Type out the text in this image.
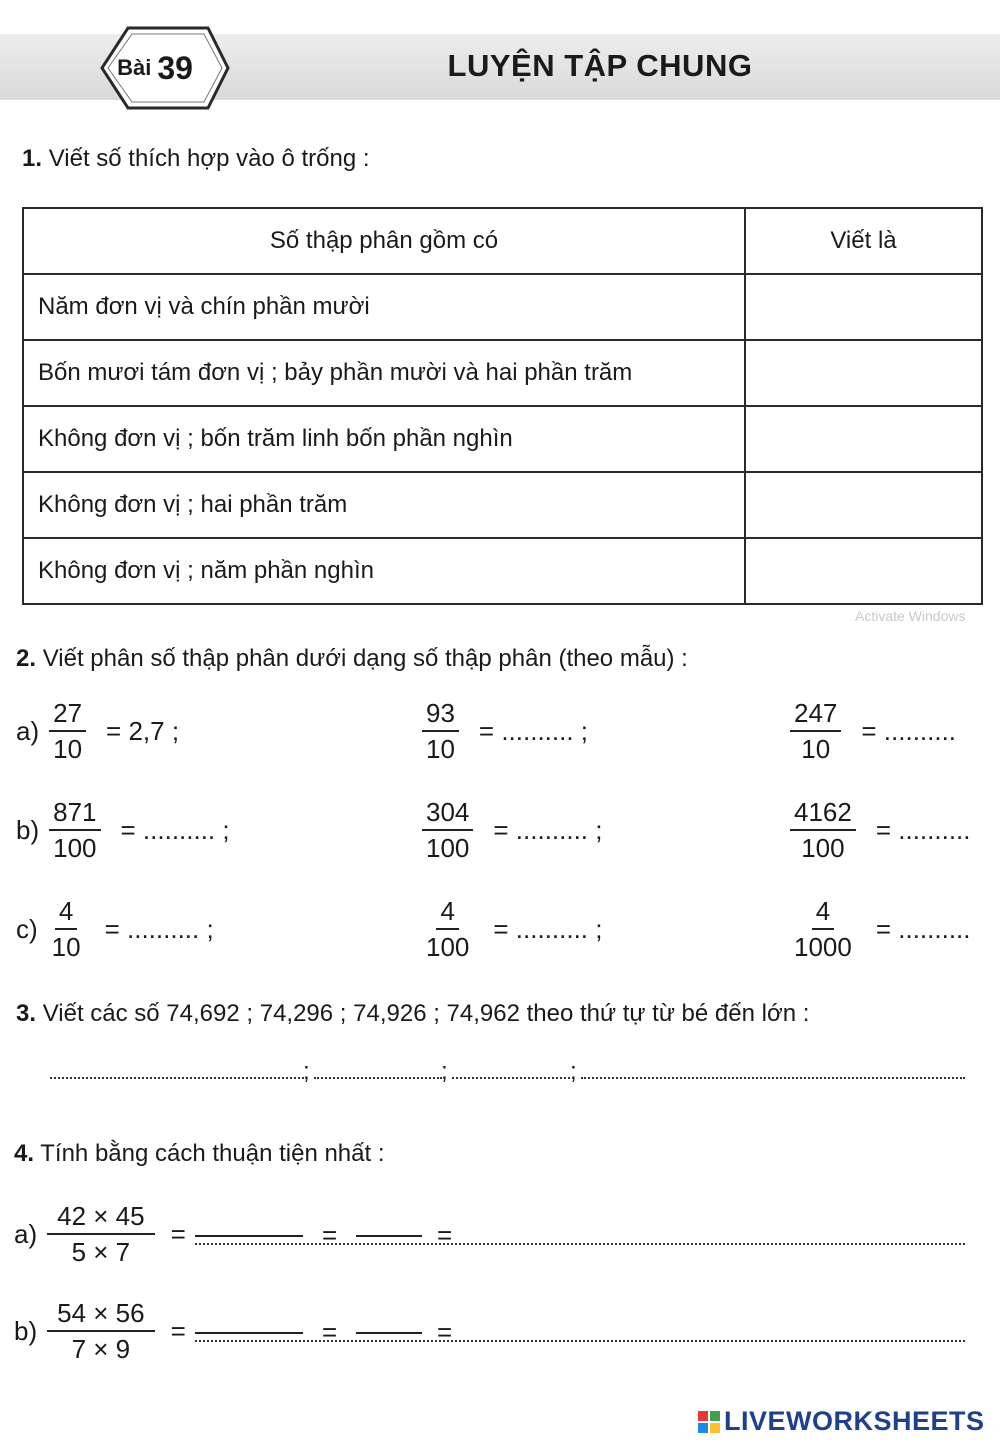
Bài 39	LUYỆN TẬP CHUNG
1. Viết số thích hợp vào ô trống :
Số thập phân gồm có	Viết là
Năm đơn vị và chín phần mười	
Bốn mươi tám đơn vị ; bảy phần mười và hai phần trăm	
Không đơn vị ; bốn trăm linh bốn phần nghìn	
Không đơn vị ; hai phần trăm	
Không đơn vị ; năm phần nghìn	
Activate Windows
2. Viết phân số thập phân dưới dạng số thập phân (theo mẫu) :
$a) \frac{27}{10} = 2,7$ ;	$\frac{93}{10}$ = .......... ;	$\frac{247}{10}$ = ..........
$b) \frac{871}{100}$ = .......... ;	$\frac{304}{100}$ = .......... ;	$\frac{4162}{100}$ = ..........
$c) \frac{4}{10}$ = .......... ;	$\frac{4}{100}$ = .......... ;	$\frac{4}{1000}$ = ..........
3. Viết các số 74,692 ; 74,296 ; 74,926 ; 74,962 theo thứ tự từ bé đến lớn :
;	;	;
4. Tính bằng cách thuận tiện nhất :
$a) \frac{42 \times 45}{5 \times 7}$ =	=	=
$b) \frac{54 \times 56}{7 \times 9}$ =	=	=
LIVEWORKSHEETS
